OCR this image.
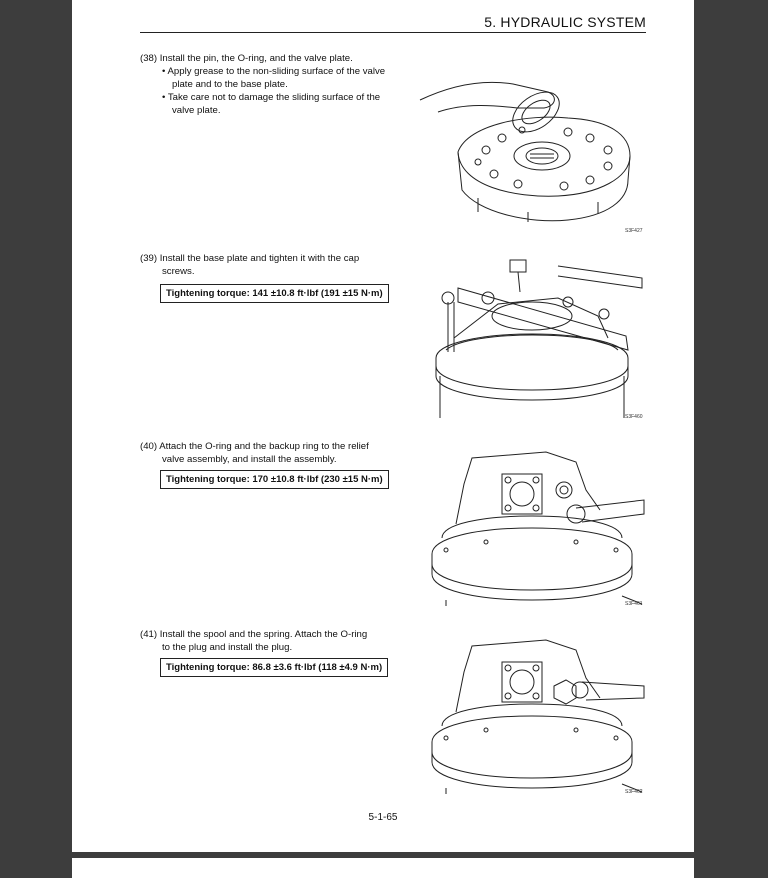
5. HYDRAULIC SYSTEM
(38) Install the pin, the O-ring, and the valve plate.
• Apply grease to the non-sliding surface of the valve plate and to the base plate.
• Take care not to damage the sliding surface of the valve plate.
S3F427
(39) Install the base plate and tighten it with the cap
screws.
Tightening torque: 141 ±10.8 ft·lbf (191 ±15 N·m)
S3F460
(40) Attach the O-ring and the backup ring to the relief
valve assembly, and install the assembly.
Tightening torque: 170 ±10.8 ft·lbf (230 ±15 N·m)
S3F461
(41) Install the spool and the spring. Attach the O-ring
to the plug and install the plug.
Tightening torque: 86.8 ±3.6 ft·lbf (118 ±4.9 N·m)
S3F462
5-1-65
